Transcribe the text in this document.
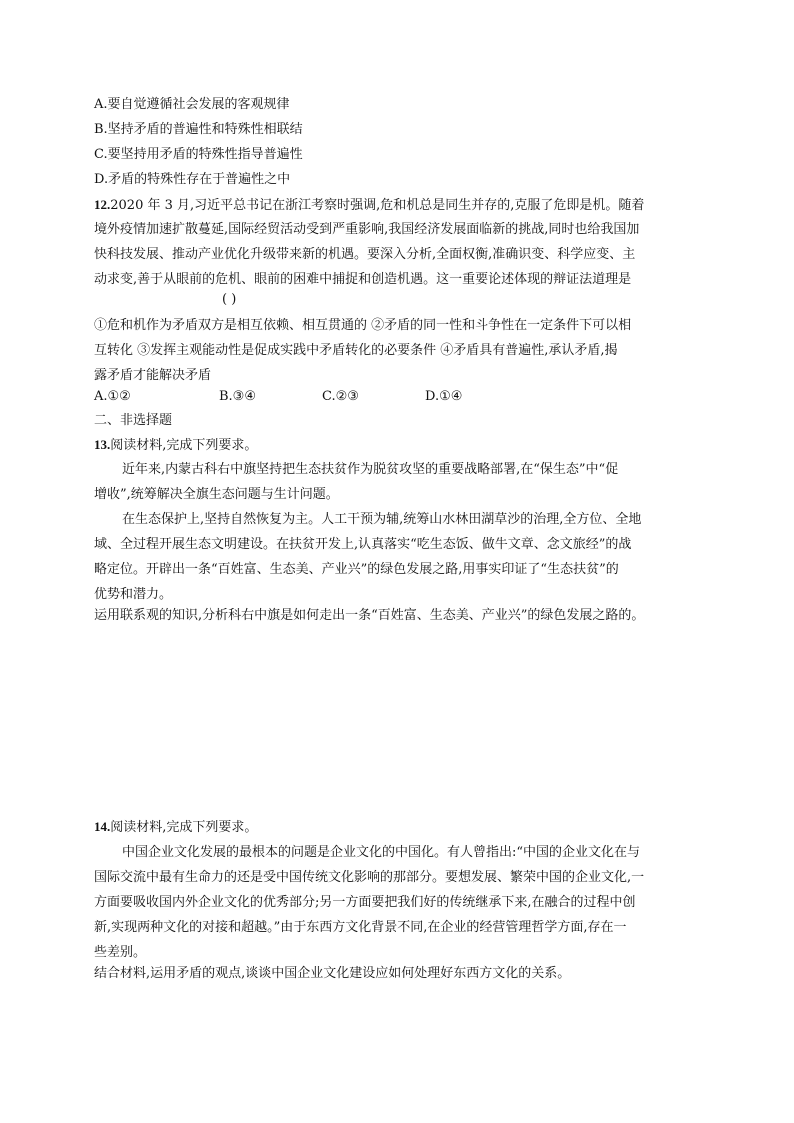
A.要自觉遵循社会发展的客观规律
B.坚持矛盾的普遍性和特殊性相联结
C.要坚持用矛盾的特殊性指导普遍性
D.矛盾的特殊性存在于普遍性之中
12.2020 年 3 月,习近平总书记在浙江考察时强调,危和机总是同生并存的,克服了危即是机。随着
境外疫情加速扩散蔓延,国际经贸活动受到严重影响,我国经济发展面临新的挑战,同时也给我国加
快科技发展、推动产业优化升级带来新的机遇。要深入分析,全面权衡,准确识变、科学应变、主
动求变,善于从眼前的危机、眼前的困难中捕捉和创造机遇。这一重要论述体现的辩证法道理是
( )
①危和机作为矛盾双方是相互依赖、相互贯通的 ②矛盾的同一性和斗争性在一定条件下可以相
互转化 ③发挥主观能动性是促成实践中矛盾转化的必要条件 ④矛盾具有普遍性,承认矛盾,揭
露矛盾才能解决矛盾
A.①②	B.③④	C.②③	D.①④
二、非选择题
13.阅读材料,完成下列要求。
近年来,内蒙古科右中旗坚持把生态扶贫作为脱贫攻坚的重要战略部署,在“保生态”中“促
增收”,统筹解决全旗生态问题与生计问题。
在生态保护上,坚持自然恢复为主。人工干预为辅,统筹山水林田湖草沙的治理,全方位、全地
域、全过程开展生态文明建设。在扶贫开发上,认真落实“吃生态饭、做牛文章、念文旅经”的战
略定位。开辟出一条“百姓富、生态美、产业兴”的绿色发展之路,用事实印证了“生态扶贫”的
优势和潜力。
运用联系观的知识,分析科右中旗是如何走出一条“百姓富、生态美、产业兴”的绿色发展之路的。
14.阅读材料,完成下列要求。
中国企业文化发展的最根本的问题是企业文化的中国化。有人曾指出:“中国的企业文化在与
国际交流中最有生命力的还是受中国传统文化影响的那部分。要想发展、繁荣中国的企业文化,一
方面要吸收国内外企业文化的优秀部分;另一方面要把我们好的传统继承下来,在融合的过程中创
新,实现两种文化的对接和超越。”由于东西方文化背景不同,在企业的经营管理哲学方面,存在一
些差别。
结合材料,运用矛盾的观点,谈谈中国企业文化建设应如何处理好东西方文化的关系。
